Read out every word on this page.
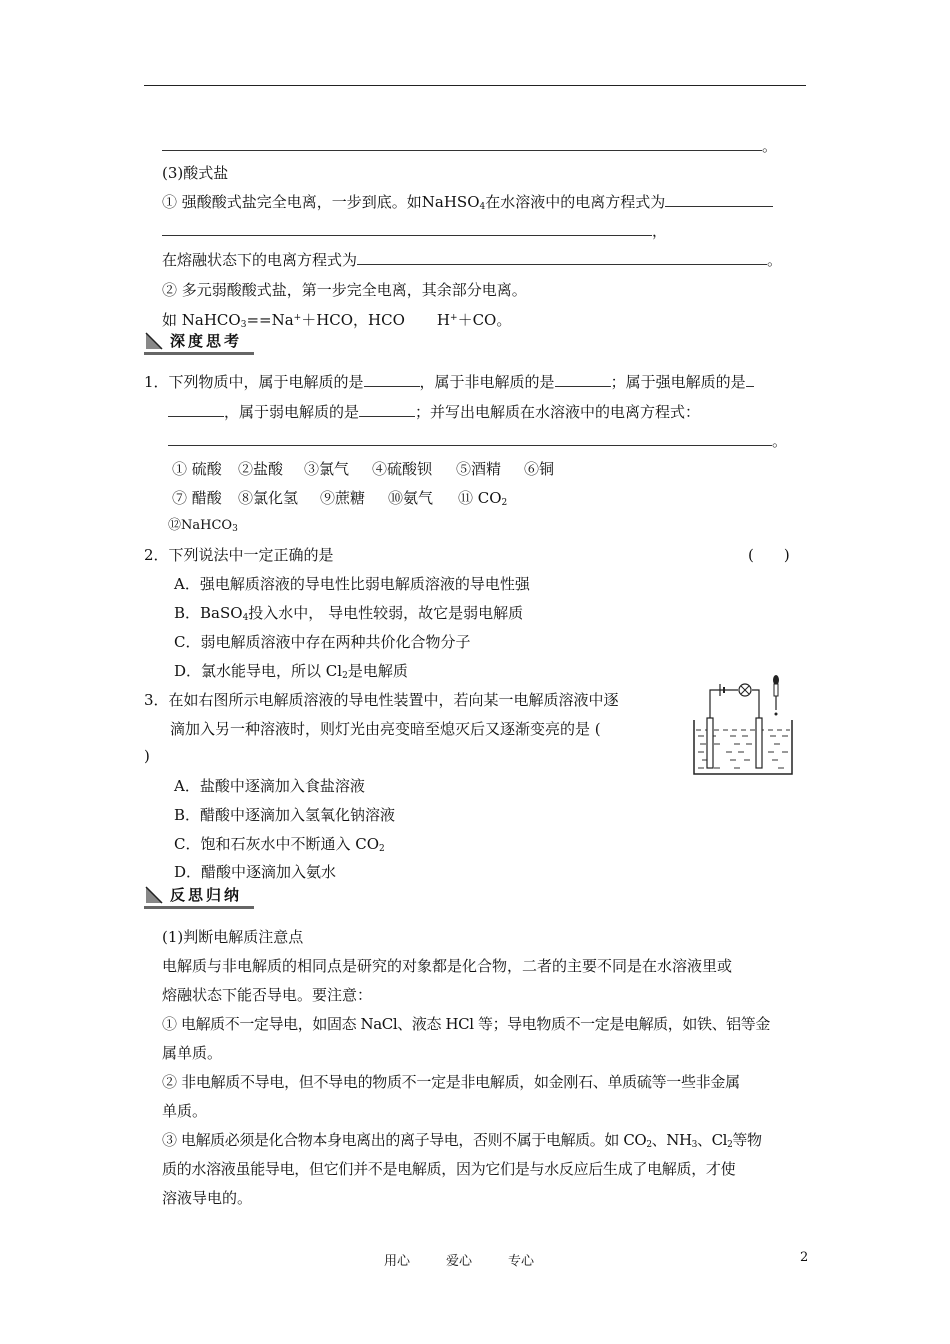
。
(3)酸式盐
① 强酸酸式盐完全电离，一步到底。如NaHSO$_4$在水溶液中的电离方程式为
，
在熔融状态下的电离方程式为	。
② 多元弱酸酸式盐，第一步完全电离，其余部分电离。
如 NaHCO$_3$==Na+＋HCO，HCO H+＋CO。
深度思考
1．下列物质中，属于电解质的是	，属于非电解质的是	；属于强电解质的是
，属于弱电解质的是	；并写出电解质在水溶液中的电离方程式：
。
① 硫酸 ②盐酸 ③氯气 ④硫酸钡 ⑤酒精 ⑥铜
⑦ 醋酸 ⑧氯化氢 ⑨蔗糖 ⑩氨气 ⑪ $CO_2$
⑫NaHCO$_3$
2．下列说法中一定正确的是	(　　)
A．强电解质溶液的导电性比弱电解质溶液的导电性强
B．BaSO$_4$投入水中， 导电性较弱，故它是弱电解质
C．弱电解质溶液中存在两种共价化合物分子
D．氯水能导电，所以 $Cl_2$是电解质
3．在如右图所示电解质溶液的导电性装置中，若向某一电解质溶液中逐
滴加入另一种溶液时，则灯光由亮变暗至熄灭后又逐渐变亮的是 (
)
A．盐酸中逐滴加入食盐溶液
B．醋酸中逐滴加入氢氧化钠溶液
C．饱和石灰水中不断通入 $CO_2$
D．醋酸中逐滴加入氨水
反思归纳
(1)判断电解质注意点
电解质与非电解质的相同点是研究的对象都是化合物，二者的主要不同是在水溶液里或
熔融状态下能否导电。要注意：
① 电解质不一定导电，如固态 NaCl、液态 HCl 等；导电物质不一定是电解质，如铁、铝等金
属单质。
② 非电解质不导电，但不导电的物质不一定是非电解质，如金刚石、单质硫等一些非金属
单质。
③ 电解质必须是化合物本身电离出的离子导电，否则不属于电解质。如 $CO_2$、$NH_3$、$Cl_2$等物
质的水溶液虽能导电，但它们并不是电解质，因为它们是与水反应后生成了电解质，才使
溶液导电的。
用心	爱心	专心	2
